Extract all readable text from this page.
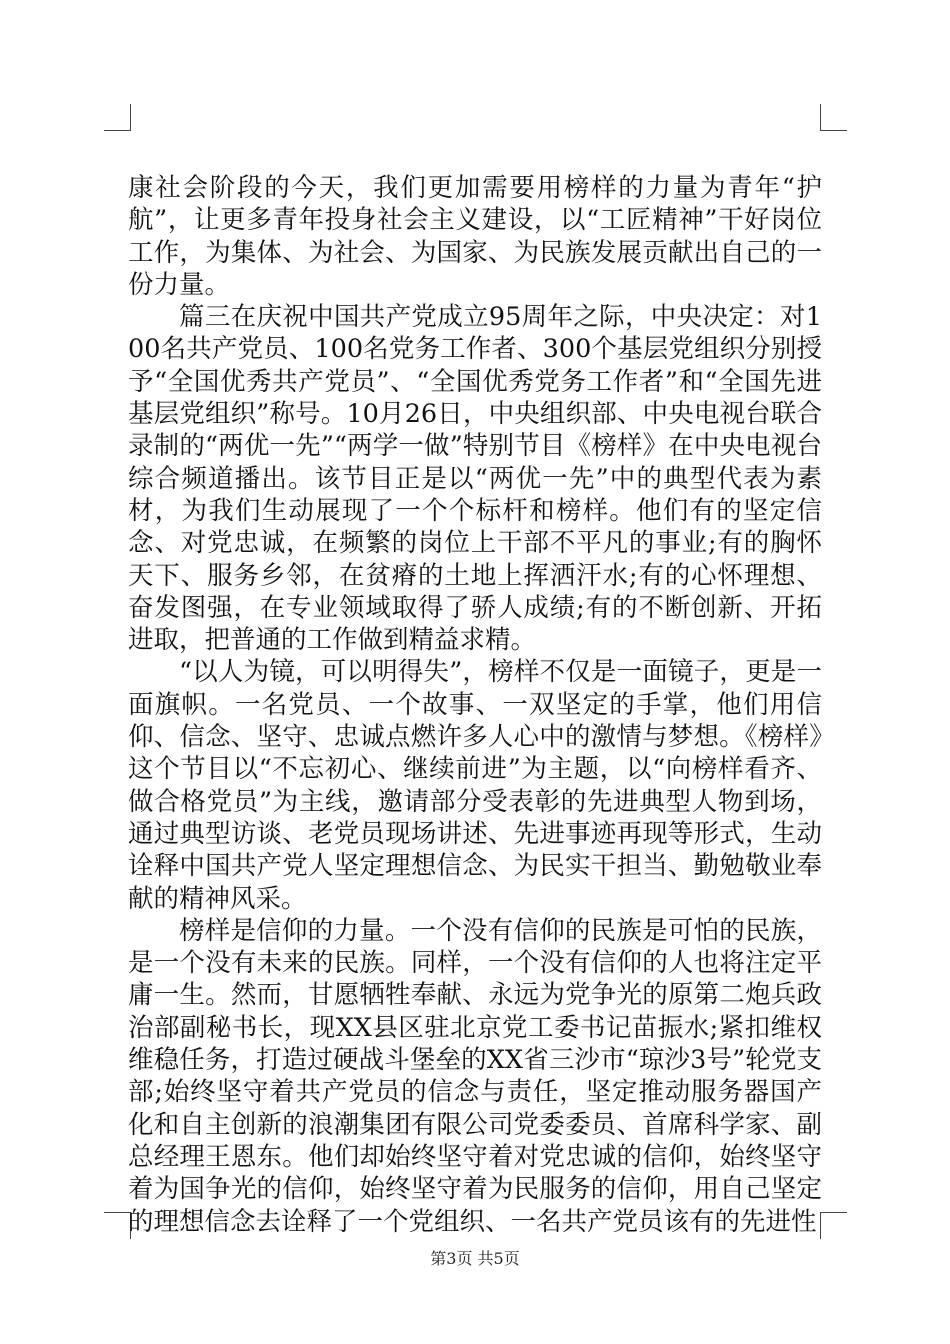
康社会阶段的今天，我们更加需要用榜样的力量为青年“护航”，让更多青年投身社会主义建设，以“工匠精神”干好岗位工作，为集体、为社会、为国家、为民族发展贡献出自己的一份力量。

篇三在庆祝中国共产党成立95周年之际，中央决定：对100名共产党员、100名党务工作者、300个基层党组织分别授予“全国优秀共产党员”、“全国优秀党务工作者”和“全国先进基层党组织”称号。10月26日，中央组织部、中央电视台联合录制的“两优一先”“两学一做”特别节目《榜样》在中央电视台综合频道播出。该节目正是以“两优一先”中的典型代表为素材，为我们生动展现了一个个标杆和榜样。他们有的坚定信念、对党忠诚，在频繁的岗位上干部不平凡的事业;有的胸怀天下、服务乡邻，在贫瘠的土地上挥洒汗水;有的心怀理想、奋发图强，在专业领域取得了骄人成绩;有的不断创新、开拓进取，把普通的工作做到精益求精。

“以人为镜，可以明得失”，榜样不仅是一面镜子，更是一面旗帜。一名党员、一个故事、一双坚定的手掌，他们用信仰、信念、坚守、忠诚点燃许多人心中的激情与梦想。《榜样》这个节目以“不忘初心、继续前进”为主题，以“向榜样看齐、做合格党员”为主线，邀请部分受表彰的先进典型人物到场，通过典型访谈、老党员现场讲述、先进事迹再现等形式，生动诠释中国共产党人坚定理想信念、为民实干担当、勤勉敬业奉献的精神风采。

榜样是信仰的力量。一个没有信仰的民族是可怕的民族，是一个没有未来的民族。同样，一个没有信仰的人也将注定平庸一生。然而，甘愿牺牲奉献、永远为党争光的原第二炮兵政治部副秘书长，现XX县区驻北京党工委书记苗振水;紧扣维权维稳任务，打造过硬战斗堡垒的XX省三沙市“琼沙3号”轮党支部;始终坚守着共产党员的信念与责任，坚定推动服务器国产化和自主创新的浪潮集团有限公司党委委员、首席科学家、副总经理王恩东。他们却始终坚守着对党忠诚的信仰，始终坚守着为国争光的信仰，始终坚守着为民服务的信仰，用自己坚定的理想信念去诠释了一个党组织、一名共产党员该有的先进性

第3页 共5页
